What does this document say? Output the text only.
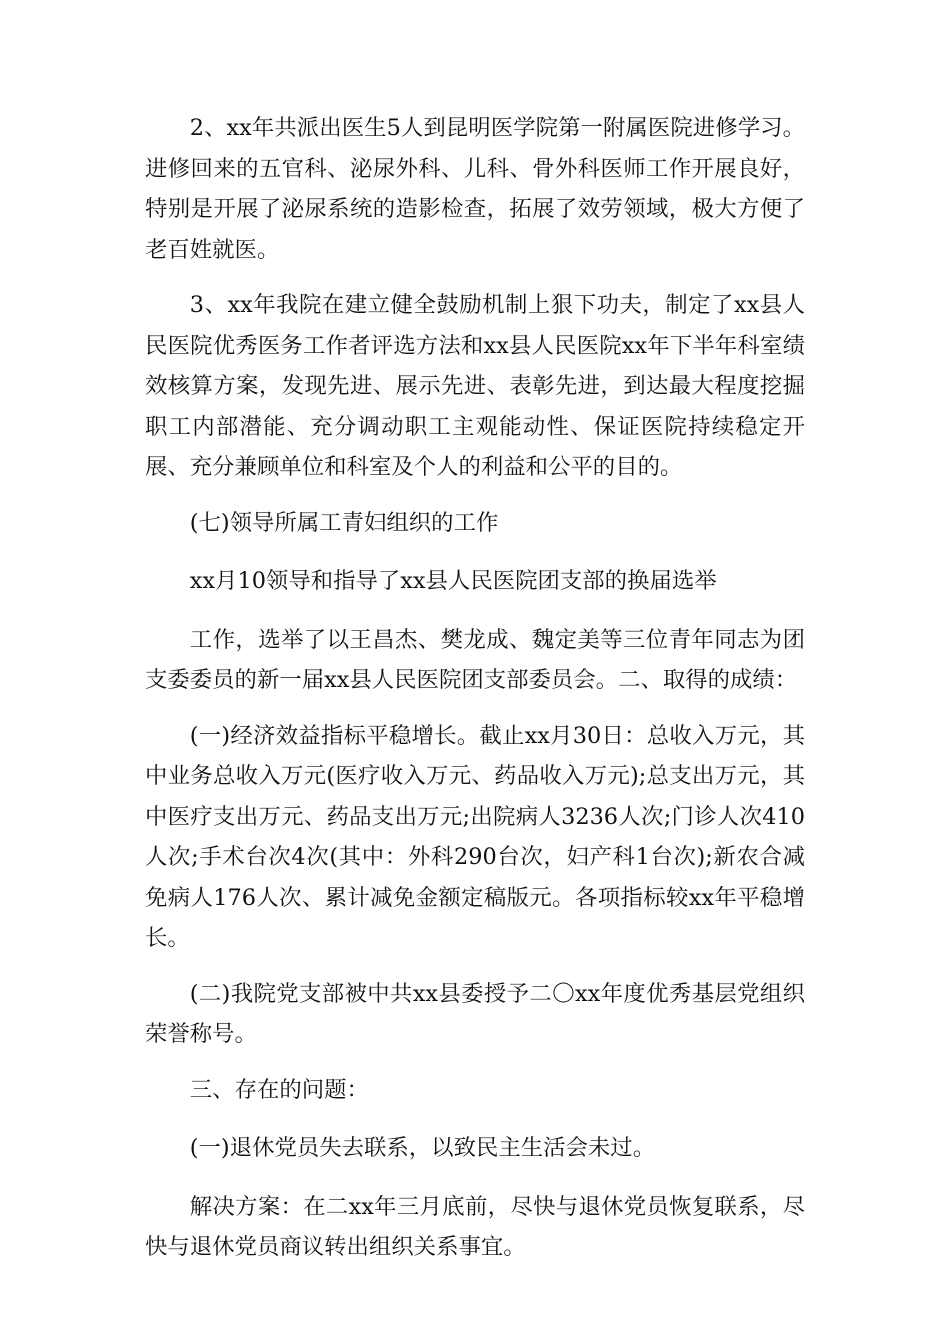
2、xx年共派出医生5人到昆明医学院第一附属医院进修学习。进修回来的五官科、泌尿外科、儿科、骨外科医师工作开展良好，特别是开展了泌尿系统的造影检查，拓展了效劳领域，极大方便了老百姓就医。

3、xx年我院在建立健全鼓励机制上狠下功夫，制定了xx县人民医院优秀医务工作者评选方法和xx县人民医院xx年下半年科室绩效核算方案，发现先进、展示先进、表彰先进，到达最大程度挖掘职工内部潜能、充分调动职工主观能动性、保证医院持续稳定开展、充分兼顾单位和科室及个人的利益和公平的目的。

(七)领导所属工青妇组织的工作

xx月10领导和指导了xx县人民医院团支部的换届选举

工作，选举了以王昌杰、樊龙成、魏定美等三位青年同志为团支委委员的新一届xx县人民医院团支部委员会。二、取得的成绩：

(一)经济效益指标平稳增长。截止xx月30日：总收入万元，其中业务总收入万元(医疗收入万元、药品收入万元);总支出万元，其中医疗支出万元、药品支出万元;出院病人3236人次;门诊人次410人次;手术台次4次(其中：外科290台次，妇产科1台次);新农合减免病人176人次、累计减免金额定稿版元。各项指标较xx年平稳增长。

(二)我院党支部被中共xx县委授予二〇xx年度优秀基层党组织荣誉称号。

三、存在的问题：

(一)退休党员失去联系，以致民主生活会未过。

解决方案：在二xx年三月底前，尽快与退休党员恢复联系，尽快与退休党员商议转出组织关系事宜。
